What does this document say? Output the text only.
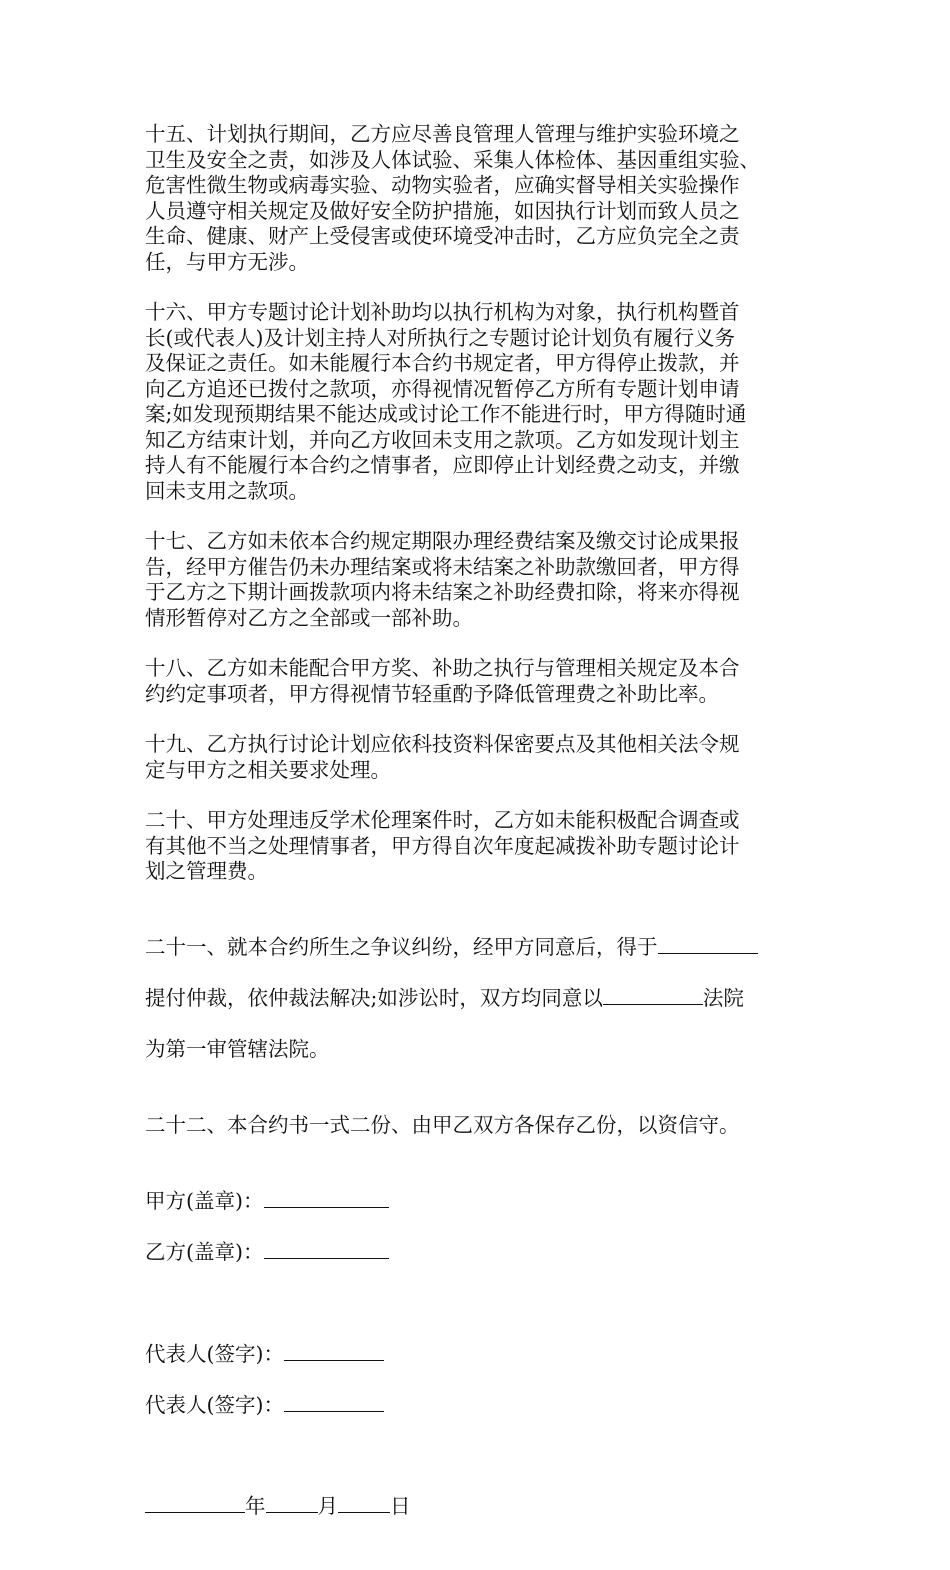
十五、计划执行期间，乙方应尽善良管理人管理与维护实验环境之
卫生及安全之责，如涉及人体试验、采集人体检体、基因重组实验、
危害性微生物或病毒实验、动物实验者，应确实督导相关实验操作
人员遵守相关规定及做好安全防护措施，如因执行计划而致人员之
生命、健康、财产上受侵害或使环境受冲击时，乙方应负完全之责
任，与甲方无涉。

十六、甲方专题讨论计划补助均以执行机构为对象，执行机构暨首
长(或代表人)及计划主持人对所执行之专题讨论计划负有履行义务
及保证之责任。如未能履行本合约书规定者，甲方得停止拨款，并
向乙方追还已拨付之款项，亦得视情况暂停乙方所有专题计划申请
案;如发现预期结果不能达成或讨论工作不能进行时，甲方得随时通
知乙方结束计划，并向乙方收回未支用之款项。乙方如发现计划主
持人有不能履行本合约之情事者，应即停止计划经费之动支，并缴
回未支用之款项。

十七、乙方如未依本合约规定期限办理经费结案及缴交讨论成果报
告，经甲方催告仍未办理结案或将未结案之补助款缴回者，甲方得
于乙方之下期计画拨款项内将未结案之补助经费扣除，将来亦得视
情形暂停对乙方之全部或一部补助。

十八、乙方如未能配合甲方奖、补助之执行与管理相关规定及本合
约约定事项者，甲方得视情节轻重酌予降低管理费之补助比率。

十九、乙方执行讨论计划应依科技资料保密要点及其他相关法令规
定与甲方之相关要求处理。

二十、甲方处理违反学术伦理案件时，乙方如未能积极配合调查或
有其他不当之处理情事者，甲方得自次年度起减拨补助专题讨论计
划之管理费。

二十一、就本合约所生之争议纠纷，经甲方同意后，得于

提付仲裁，依仲裁法解决;如涉讼时，双方均同意以	法院

为第一审管辖法院。

二十二、本合约书一式二份、由甲乙双方各保存乙份，以资信守。

甲方(盖章)：

乙方(盖章)：

代表人(签字)：

代表人(签字)：

年	月	日
